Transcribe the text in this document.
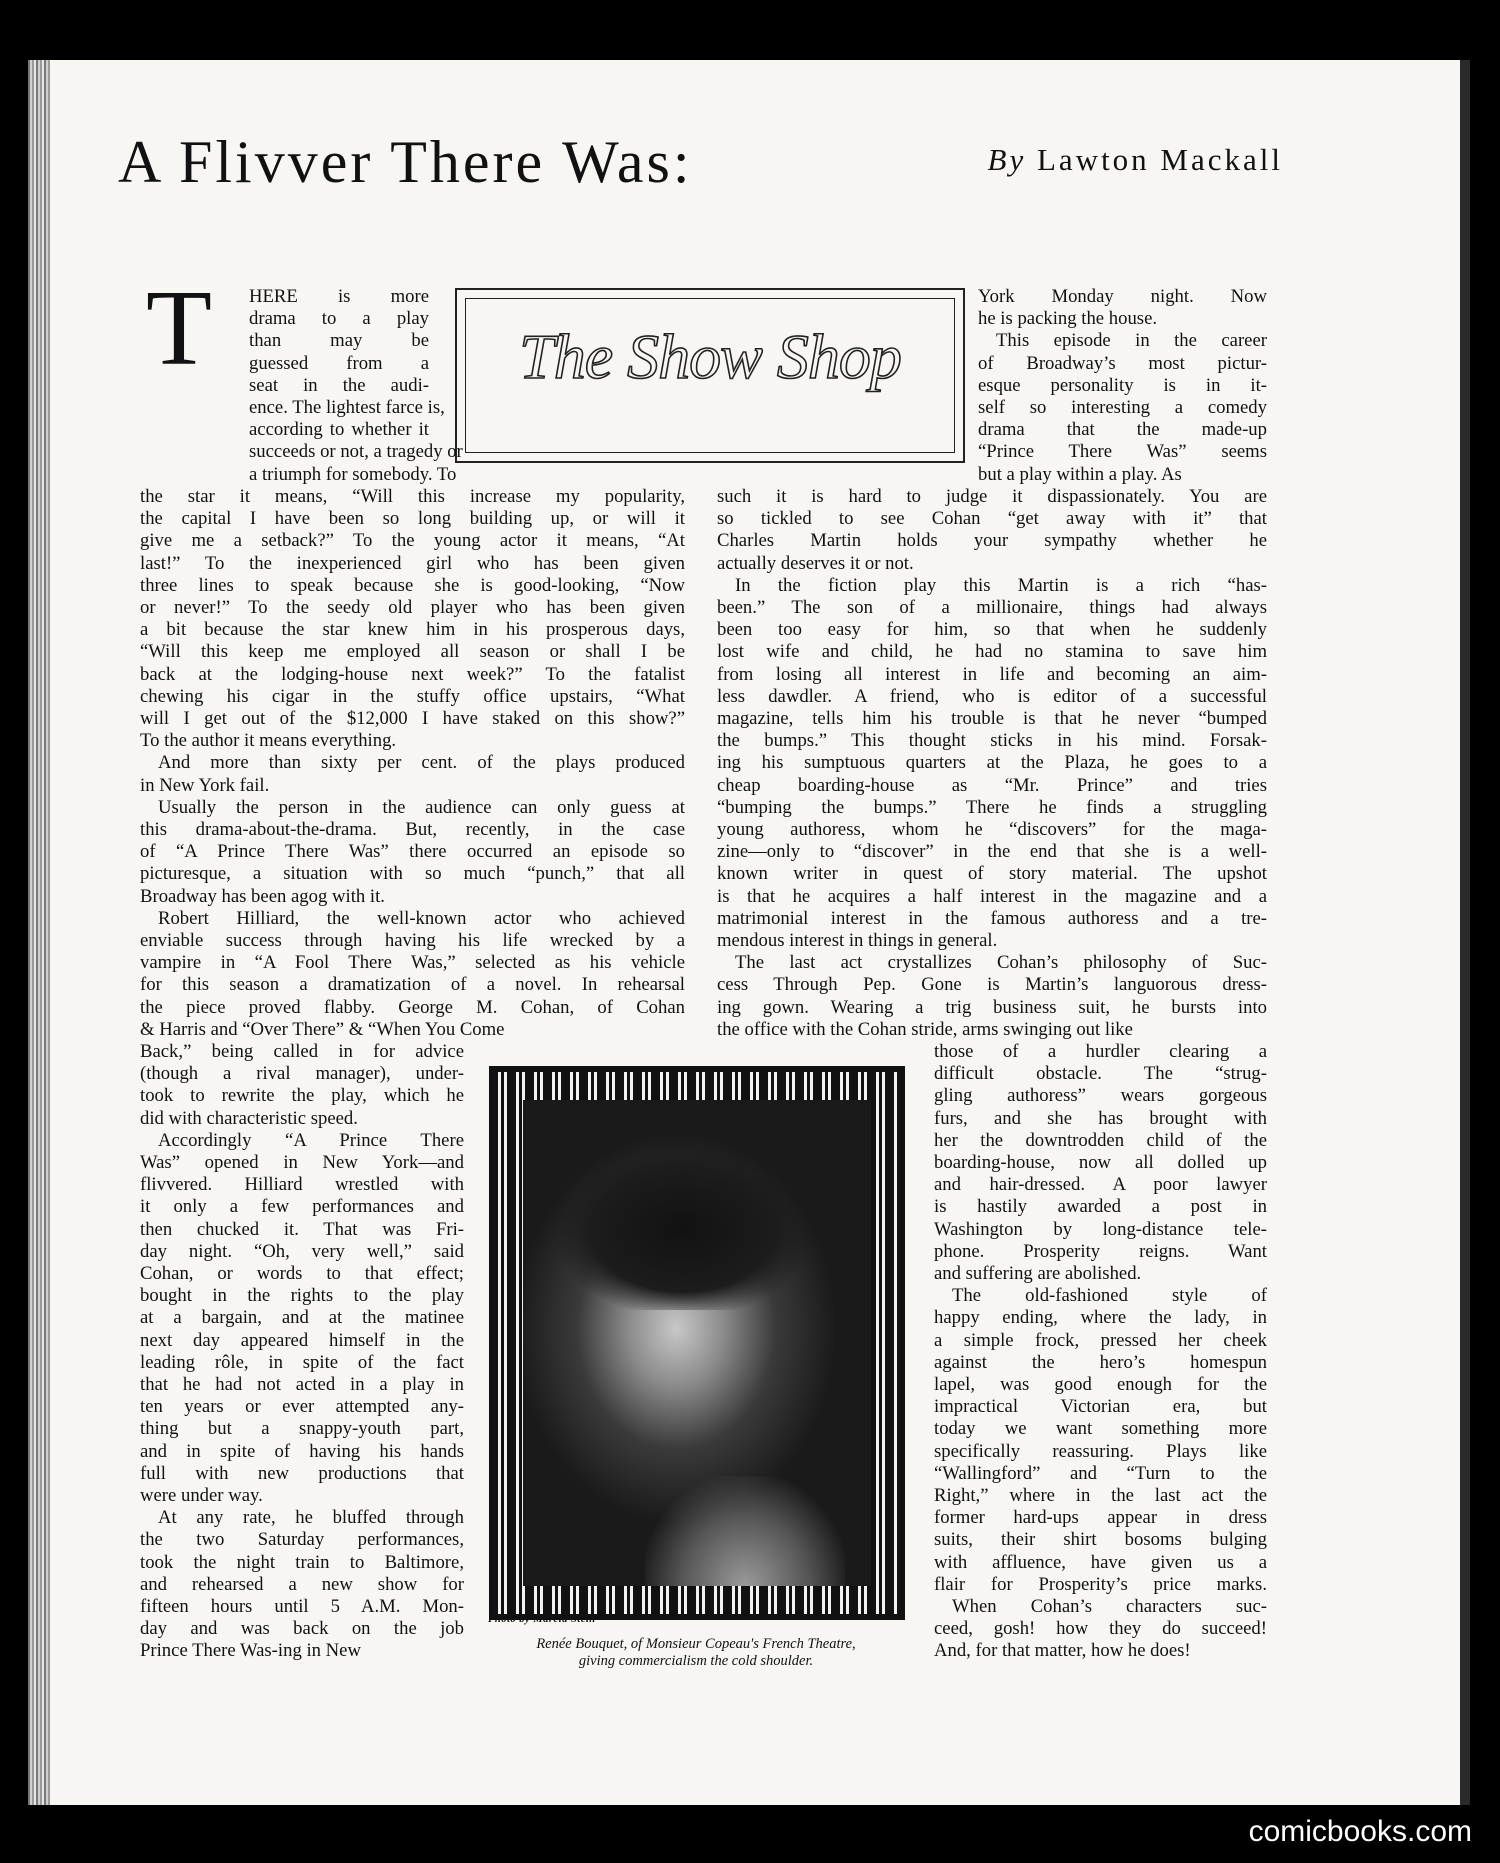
A Flivver There Was:	By Lawton Mackall
T	The Show Shop
HERE is more
drama to a play
than may be
guessed from a
seat in the audi-
ence. The lightest farce is,
according to whether it
succeeds or not, a tragedy or
a triumph for somebody. To
the star it means, “Will this increase my popularity,
the capital I have been so long building up, or will it
give me a setback?” To the young actor it means, “At
last!” To the inexperienced girl who has been given
three lines to speak because she is good-looking, “Now
or never!” To the seedy old player who has been given
a bit because the star knew him in his prosperous days,
“Will this keep me employed all season or shall I be
back at the lodging-house next week?” To the fatalist
chewing his cigar in the stuffy office upstairs, “What
will I get out of the $12,000 I have staked on this show?”
To the author it means everything.
And more than sixty per cent. of the plays produced
in New York fail.
Usually the person in the audience can only guess at
this drama-about-the-drama. But, recently, in the case
of “A Prince There Was” there occurred an episode so
picturesque, a situation with so much “punch,” that all
Broadway has been agog with it.
Robert Hilliard, the well-known actor who achieved
enviable success through having his life wrecked by a
vampire in “A Fool There Was,” selected as his vehicle
for this season a dramatization of a novel. In rehearsal
the piece proved flabby. George M. Cohan, of Cohan
& Harris and “Over There” & “When You Come
Back,” being called in for advice
(though a rival manager), under-
took to rewrite the play, which he
did with characteristic speed.
Accordingly “A Prince There
Was” opened in New York—and
flivvered. Hilliard wrestled with
it only a few performances and
then chucked it. That was Fri-
day night. “Oh, very well,” said
Cohan, or words to that effect;
bought in the rights to the play
at a bargain, and at the matinee
next day appeared himself in the
leading rôle, in spite of the fact
that he had not acted in a play in
ten years or ever attempted any-
thing but a snappy-youth part,
and in spite of having his hands
full with new productions that
were under way.
At any rate, he bluffed through
the two Saturday performances,
took the night train to Baltimore,
and rehearsed a new show for
fifteen hours until 5 A.M. Mon-
day and was back on the job
Prince There Was-ing in New
York Monday night. Now
he is packing the house.
This episode in the career
of Broadway’s most pictur-
esque personality is in it-
self so interesting a comedy
drama that the made-up
“Prince There Was” seems
but a play within a play. As
such it is hard to judge it dispassionately. You are
so tickled to see Cohan “get away with it” that
Charles Martin holds your sympathy whether he
actually deserves it or not.
In the fiction play this Martin is a rich “has-
been.” The son of a millionaire, things had always
been too easy for him, so that when he suddenly
lost wife and child, he had no stamina to save him
from losing all interest in life and becoming an aim-
less dawdler. A friend, who is editor of a successful
magazine, tells him his trouble is that he never “bumped
the bumps.” This thought sticks in his mind. Forsak-
ing his sumptuous quarters at the Plaza, he goes to a
cheap boarding-house as “Mr. Prince” and tries
“bumping the bumps.” There he finds a struggling
young authoress, whom he “discovers” for the maga-
zine—only to “discover” in the end that she is a well-
known writer in quest of story material. The upshot
is that he acquires a half interest in the magazine and a
matrimonial interest in the famous authoress and a tre-
mendous interest in things in general.
The last act crystallizes Cohan’s philosophy of Suc-
cess Through Pep. Gone is Martin’s languorous dress-
ing gown. Wearing a trig business suit, he bursts into
the office with the Cohan stride, arms swinging out like
those of a hurdler clearing a
difficult obstacle. The “strug-
gling authoress” wears gorgeous
furs, and she has brought with
her the downtrodden child of the
boarding-house, now all dolled up
and hair-dressed. A poor lawyer
is hastily awarded a post in
Washington by long-distance tele-
phone. Prosperity reigns. Want
and suffering are abolished.
The old-fashioned style of
happy ending, where the lady, in
a simple frock, pressed her cheek
against the hero’s homespun
lapel, was good enough for the
impractical Victorian era, but
today we want something more
specifically reassuring. Plays like
“Wallingford” and “Turn to the
Right,” where in the last act the
former hard-ups appear in dress
suits, their shirt bosoms bulging
with affluence, have given us a
flair for Prosperity’s price marks.
When Cohan’s characters suc-
ceed, gosh! how they do succeed!
And, for that matter, how he does!
Photo by Marcia Stein
Renée Bouquet, of Monsieur Copeau's French Theatre,
giving commercialism the cold shoulder.
comicbooks.com
